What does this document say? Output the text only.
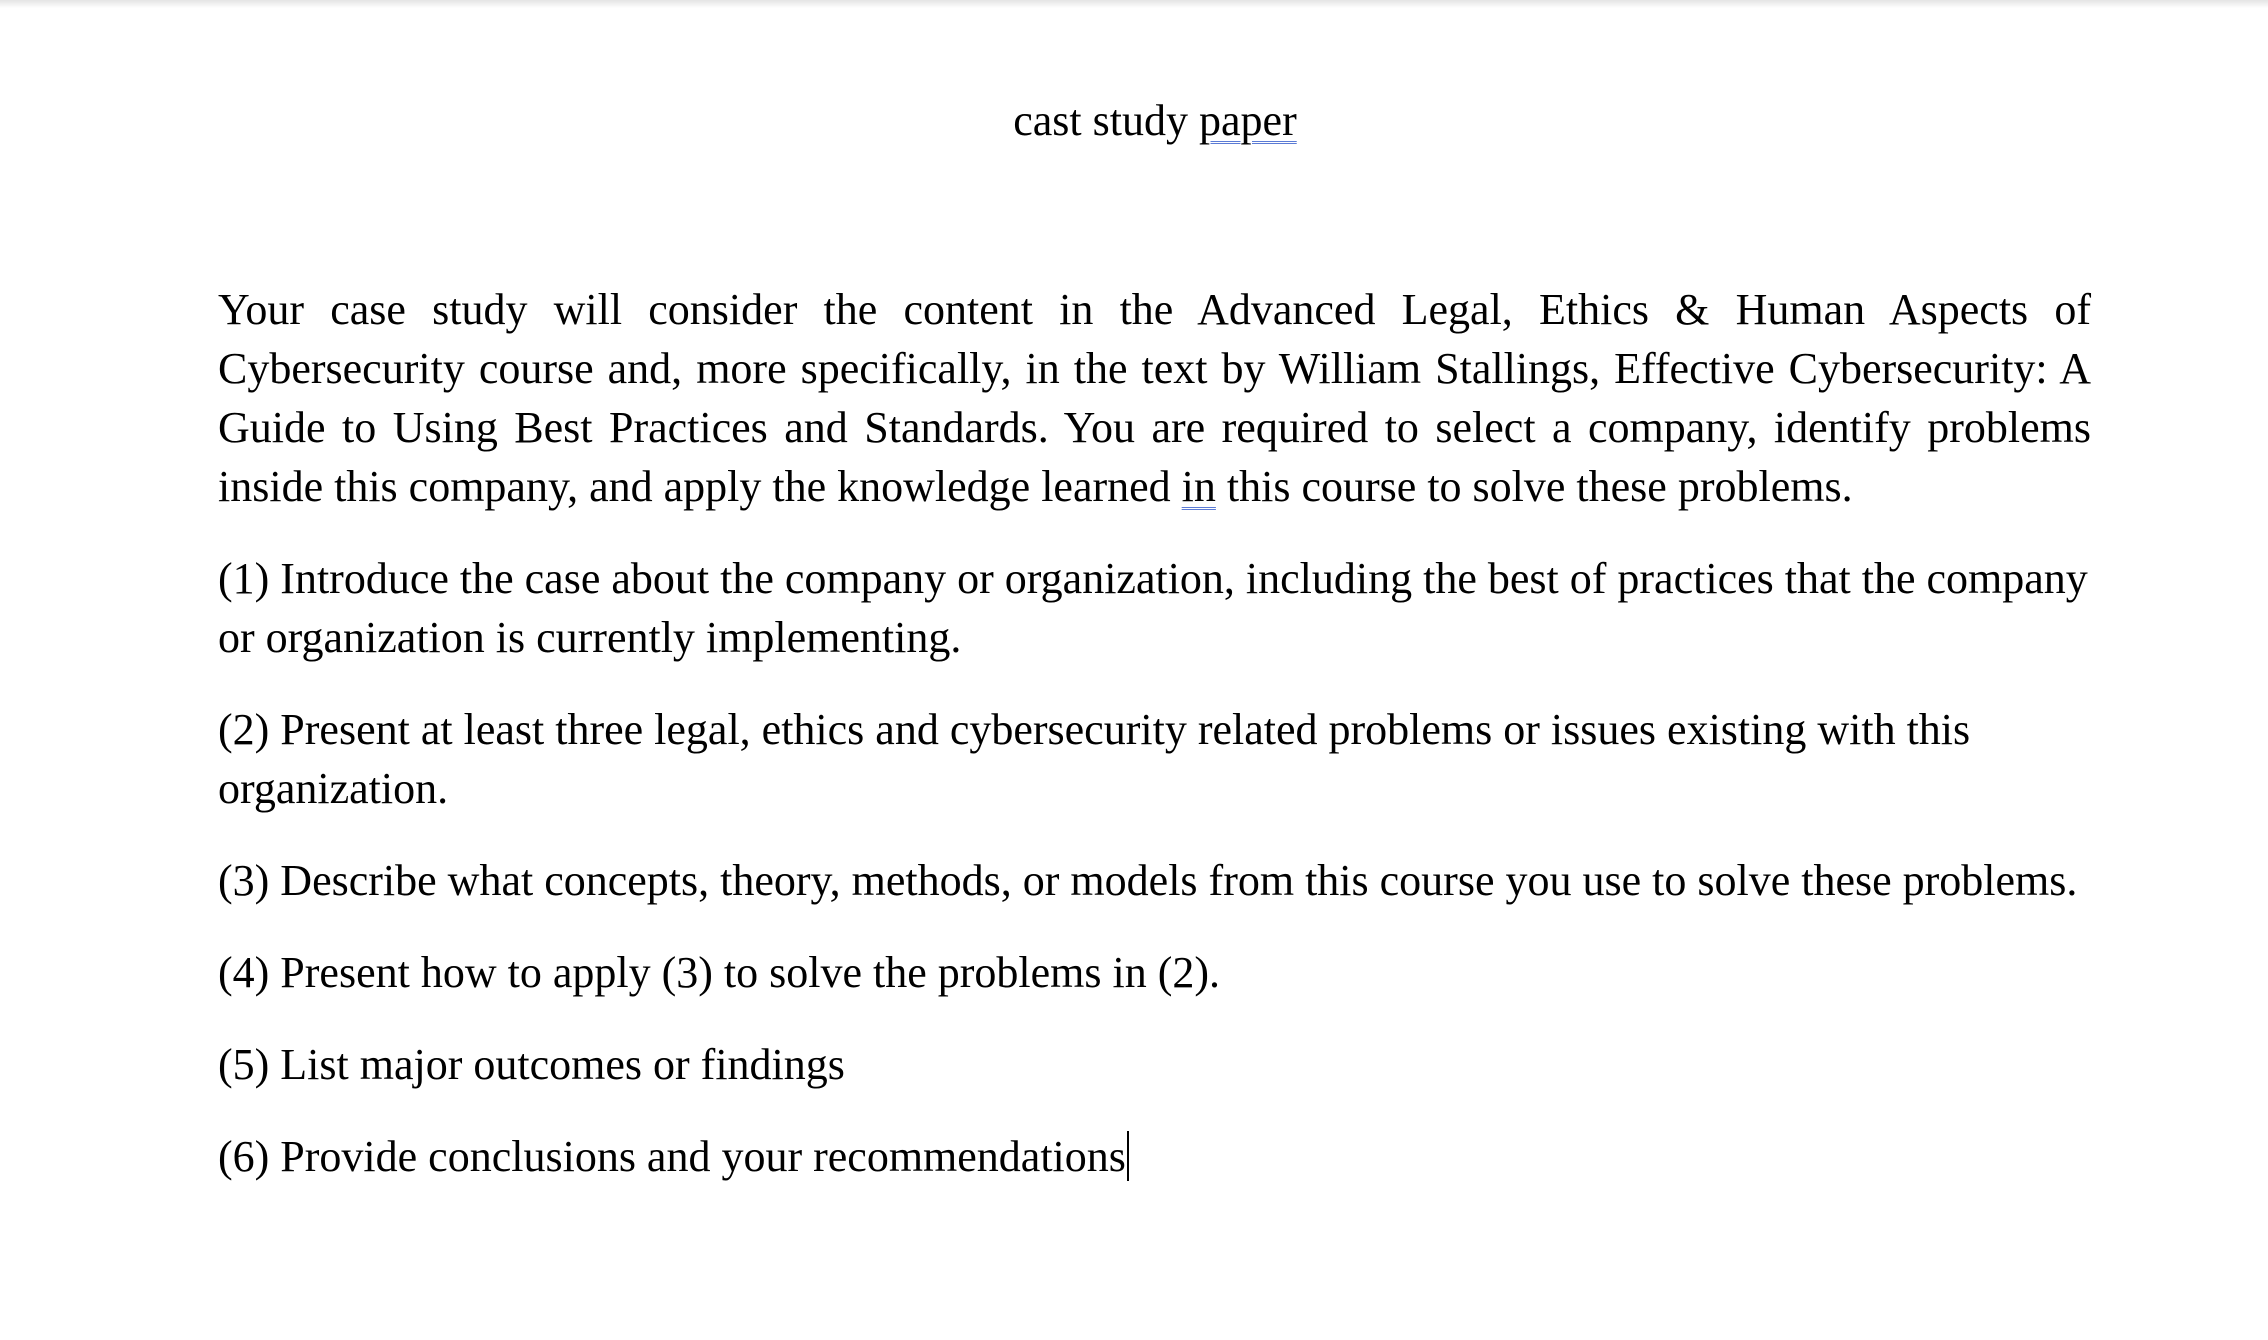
cast study paper

Your case study will consider the content in the Advanced Legal, Ethics & Human Aspects of Cybersecurity course and, more specifically, in the text by William Stallings, Effective Cybersecurity: A Guide to Using Best Practices and Standards. You are required to select a company, identify problems inside this company, and apply the knowledge learned in this course to solve these problems.

(1) Introduce the case about the company or organization, including the best of practices that the company or organization is currently implementing.

(2) Present at least three legal, ethics and cybersecurity related problems or issues existing with this organization.

(3) Describe what concepts, theory, methods, or models from this course you use to solve these problems.

(4) Present how to apply (3) to solve the problems in (2).

(5) List major outcomes or findings

(6) Provide conclusions and your recommendations
